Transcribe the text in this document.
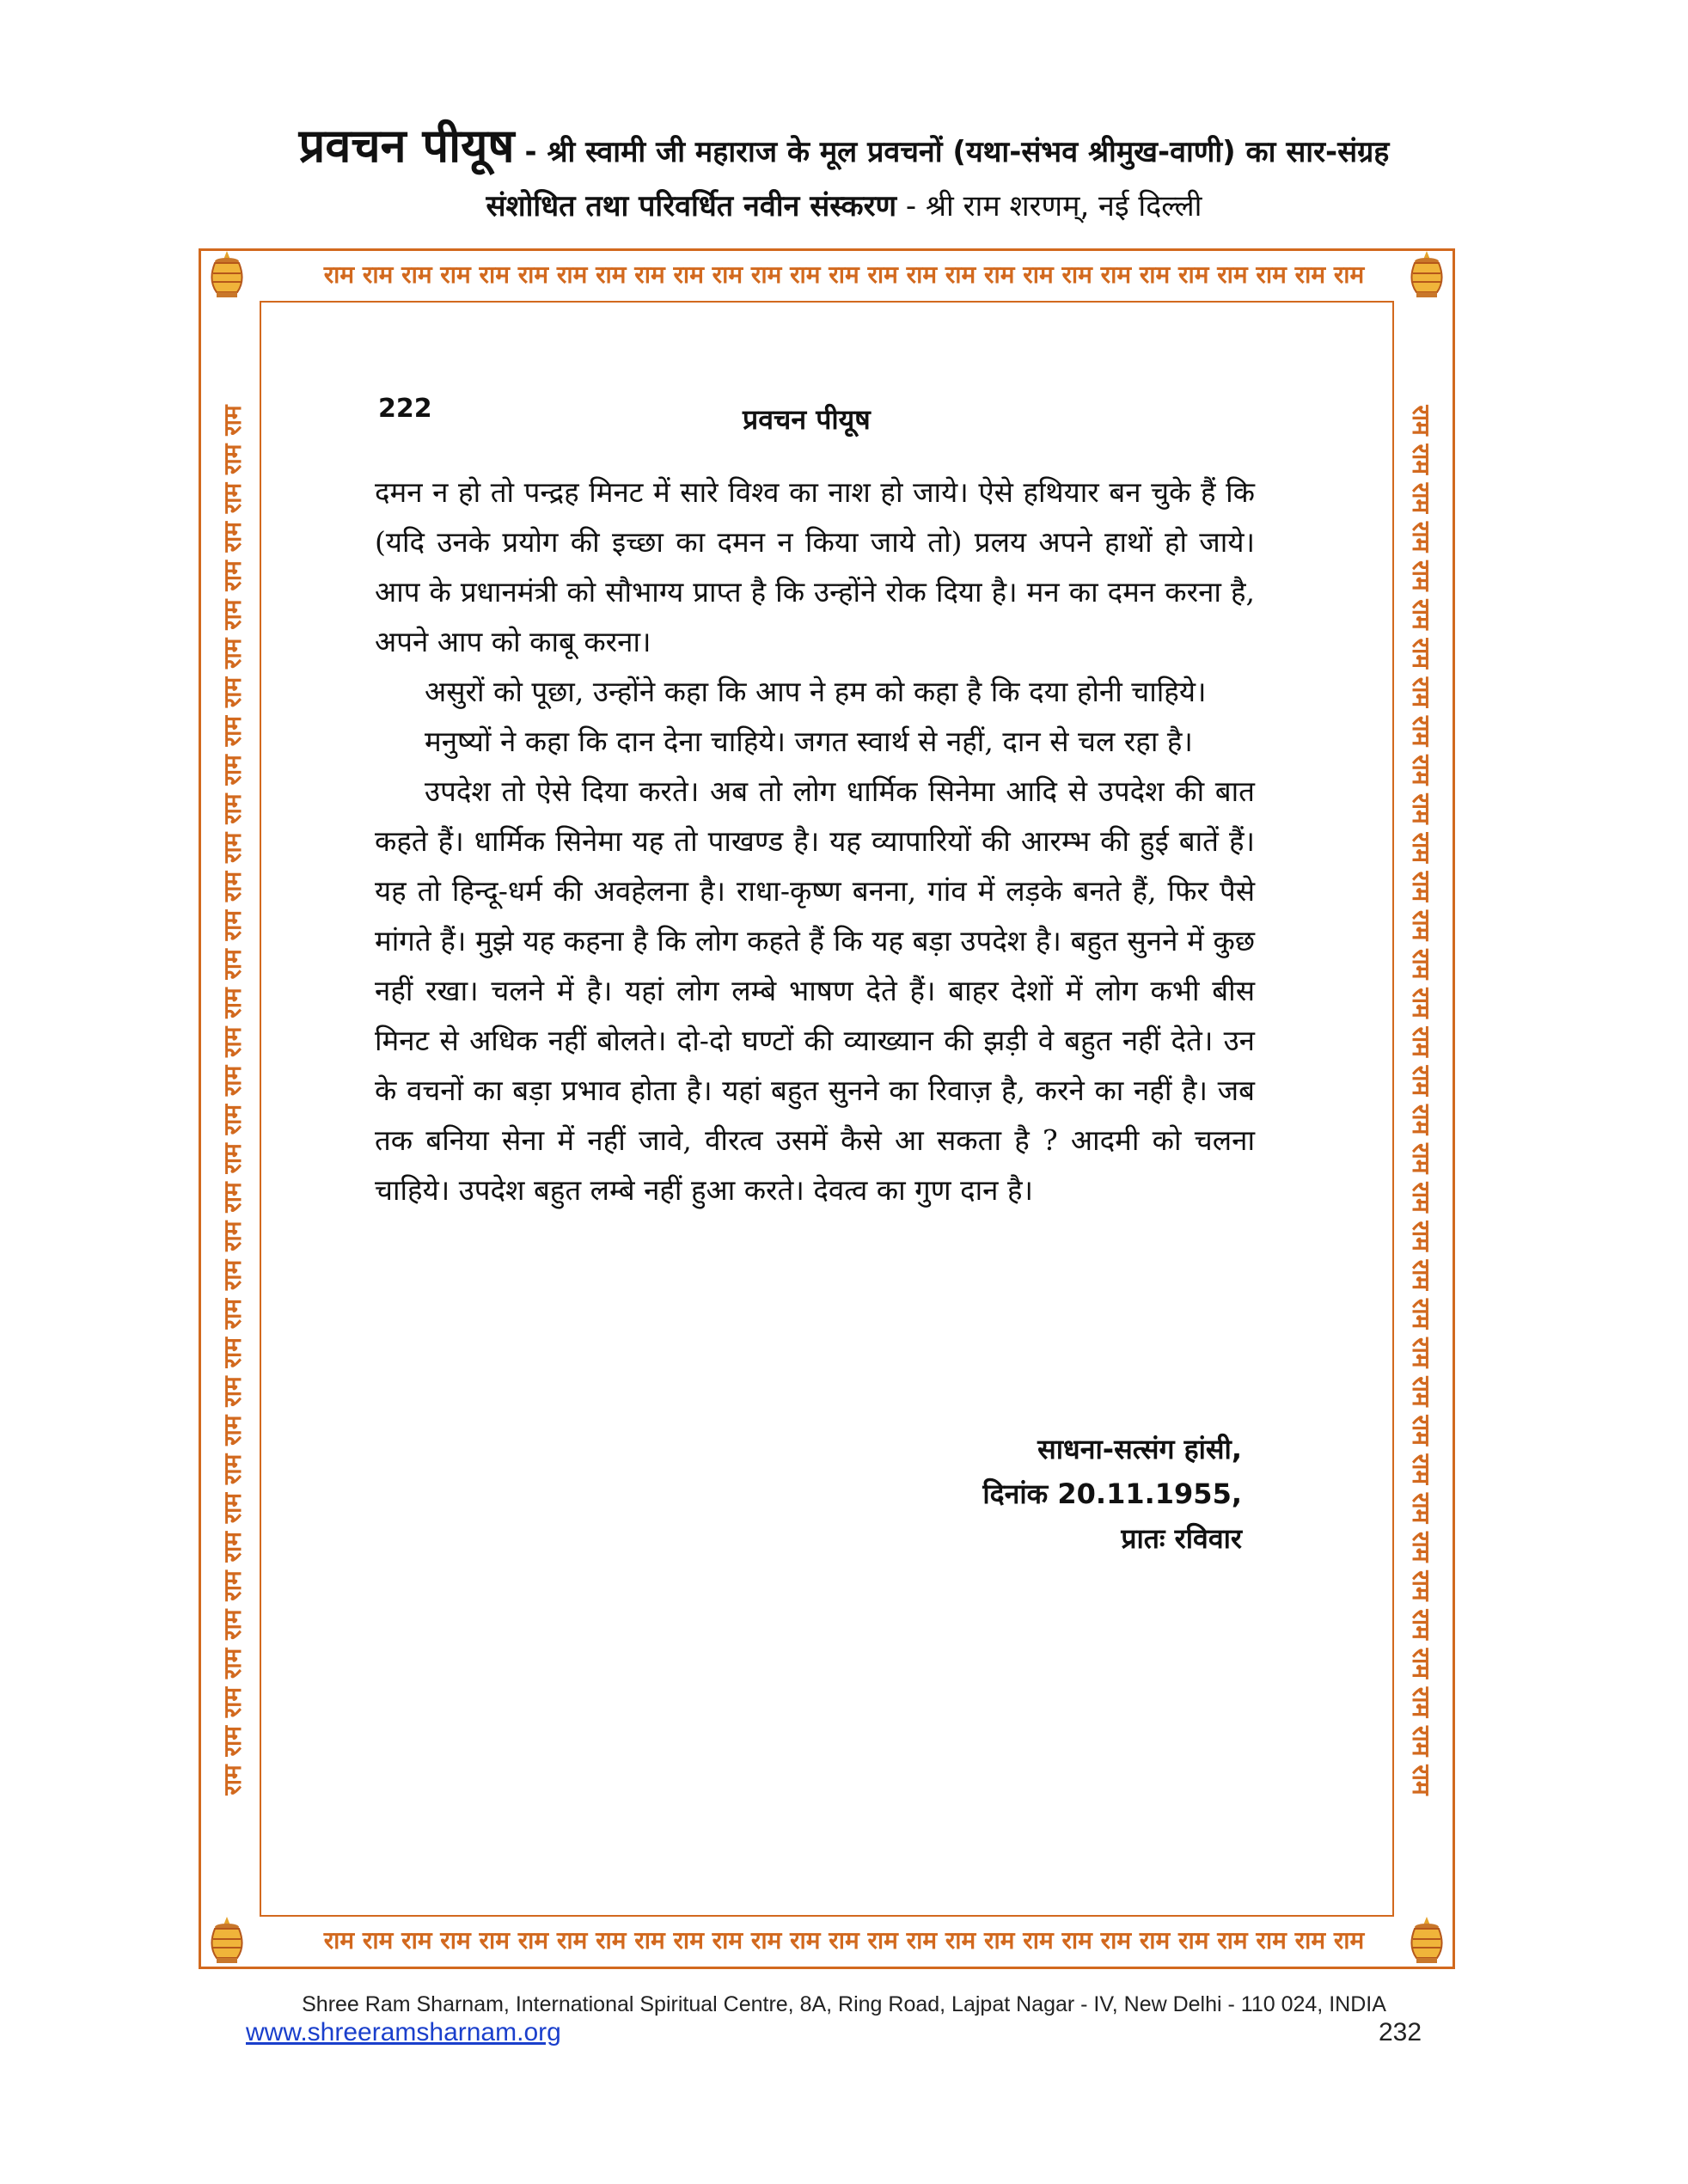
प्रवचन पीयूष - श्री स्वामी जी महाराज के मूल प्रवचनों (यथा-संभव श्रीमुख-वाणी) का सार-संग्रह
संशोधित तथा परिवर्धित नवीन संस्करण - श्री राम शरणम्, नई दिल्ली
राम राम राम राम राम राम राम राम राम राम राम राम राम राम राम राम राम राम राम राम राम राम राम राम राम राम राम
राम राम राम राम राम राम राम राम राम राम राम राम राम राम राम राम राम राम राम राम राम राम राम राम राम राम राम
राम राम राम राम राम राम राम राम राम राम राम राम राम राम राम राम राम राम राम राम राम राम राम राम राम राम राम राम राम राम राम राम राम राम राम राम	राम राम राम राम राम राम राम राम राम राम राम राम राम राम राम राम राम राम राम राम राम राम राम राम राम राम राम राम राम राम राम राम राम राम राम राम
222	प्रवचन पीयूष

दमन न हो तो पन्द्रह मिनट में सारे विश्व का नाश हो जाये। ऐसे हथियार बन चुके हैं कि (यदि उनके प्रयोग की इच्छा का दमन न किया जाये तो) प्रलय अपने हाथों हो जाये। आप के प्रधानमंत्री को सौभाग्य प्राप्त है कि उन्होंने रोक दिया है। मन का दमन करना है, अपने आप को काबू करना।

असुरों को पूछा, उन्होंने कहा कि आप ने हम को कहा है कि दया होनी चाहिये।

मनुष्यों ने कहा कि दान देना चाहिये। जगत स्वार्थ से नहीं, दान से चल रहा है।

उपदेश तो ऐसे दिया करते। अब तो लोग धार्मिक सिनेमा आदि से उपदेश की बात कहते हैं। धार्मिक सिनेमा यह तो पाखण्ड है। यह व्यापारियों की आरम्भ की हुई बातें हैं। यह तो हिन्दू-धर्म की अवहेलना है। राधा-कृष्ण बनना, गांव में लड़के बनते हैं, फिर पैसे मांगते हैं। मुझे यह कहना है कि लोग कहते हैं कि यह बड़ा उपदेश है। बहुत सुनने में कुछ नहीं रखा। चलने में है। यहां लोग लम्बे भाषण देते हैं। बाहर देशों में लोग कभी बीस मिनट से अधिक नहीं बोलते। दो-दो घण्टों की व्याख्यान की झड़ी वे बहुत नहीं देते। उन के वचनों का बड़ा प्रभाव होता है। यहां बहुत सुनने का रिवाज़ है, करने का नहीं है। जब तक बनिया सेना में नहीं जावे, वीरत्व उसमें कैसे आ सकता है ? आदमी को चलना चाहिये। उपदेश बहुत लम्बे नहीं हुआ करते। देवत्व का गुण दान है।

साधना-सत्संग हांसी,
दिनांक 20.11.1955,
प्रातः रविवार
Shree Ram Sharnam, International Spiritual Centre, 8A, Ring Road, Lajpat Nagar - IV, New Delhi - 110 024, INDIA
www.shreeramsharnam.org	232
